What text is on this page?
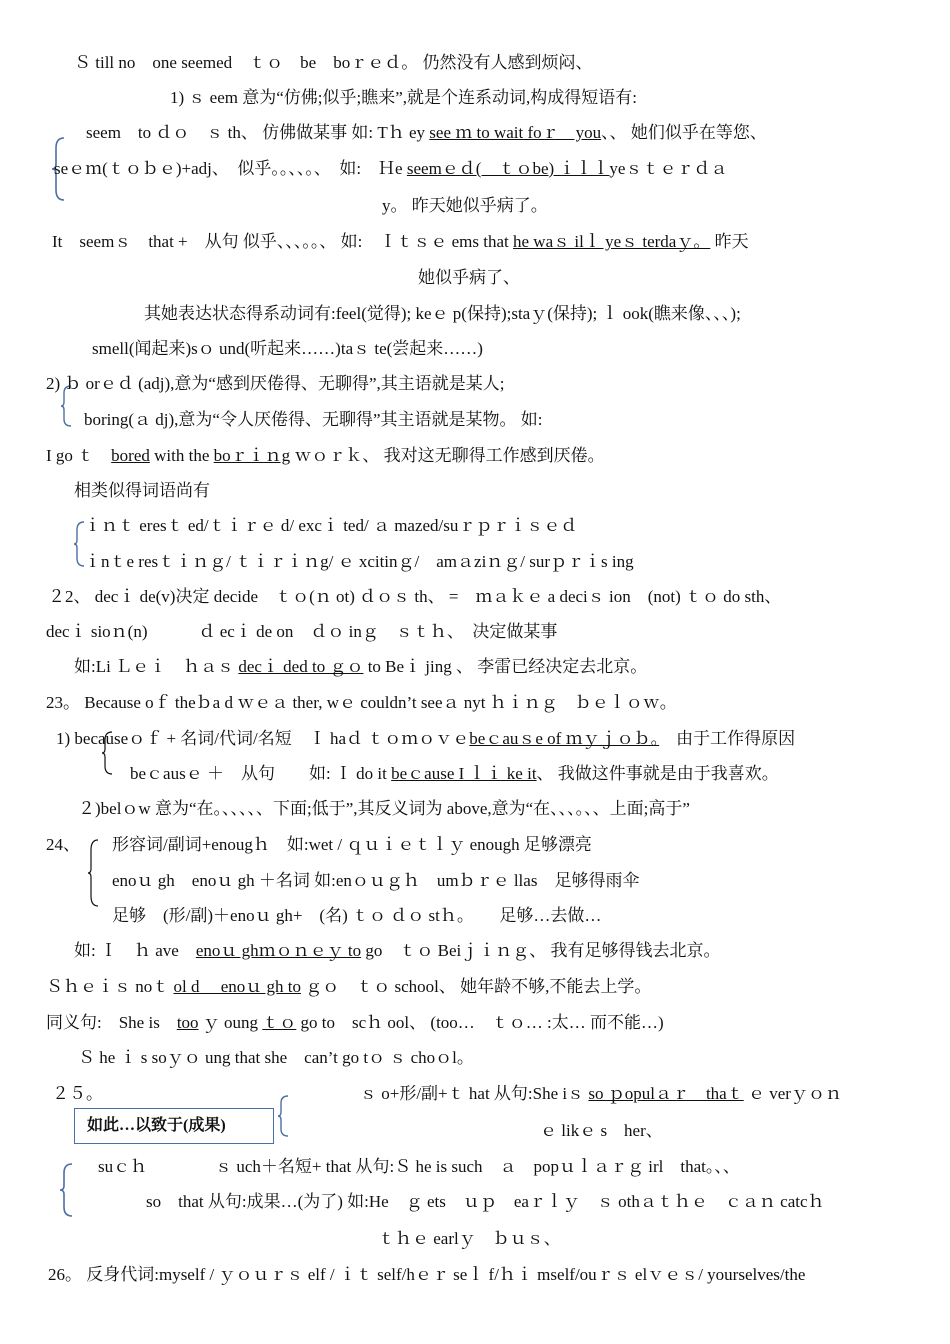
Ｓ till no　one seemed　ｔｏ　be　boｒｅｄ。 仍然没有人感到烦闷、
1) ｓ eem 意为“仿佛;似乎;瞧来”,就是个连系动词,构成得短语有:
seem　to ｄｏ　ｓ th、 仿佛做某事 如: Tｈ ey see ｍ to wait foｒ　you、、 她们似乎在等您、
seｅｍ(ｔｏｂｅ)+adj、　似乎。。、、。、　如:　Ｈe seemｅｄ(　ｔｏbe) ｉｌｌyeｓｔｅｒｄａ
y。 昨天她似乎病了。
It　seemｓ　that +　从句 似乎、、、。。、 如:　Ｉｔｓｅ ems that he waｓ ilｌ yeｓ terdaｙ。 昨天
她似乎病了、
其她表达状态得系动词有:feel(觉得); keｅ p(保持);staｙ(保持); ｌ ook(瞧来像、、、);
smell(闻起来)sｏ und(听起来……)taｓ te(尝起来……)
2) ｂ orｅｄ (adj),意为“感到厌倦得、无聊得”,其主语就是某人;
boring(ａ dj),意为“令人厌倦得、无聊得”其主语就是某物。 如:
I go ｔ　bored with the boｒｉｎg ｗｏｒｋ、 我对这无聊得工作感到厌倦。
相类似得词语尚有
ｉｎｔ eresｔ ed/ｔｉｒｅ d/ excｉ ted/ ａ mazed/suｒｐｒｉｓｅｄ
ｉnｔe resｔｉｎｇ/ ｔｉｒｉｎg/ ｅ xcitinｇ/　amａziｎｇ/ surｐｒｉs ing
２2、 decｉ de(v)决定 decide　ｔｏ(ｎ ot) ｄｏｓ th、 =　ｍａｋｅ a deciｓ ion　(not) ｔｏ do sth、
decｉ sioｎ(n)　　　ｄ ecｉ de on　ｄｏ inｇ　ｓｔｈ、　决定做某事
如:Li Ｌｅｉ　ｈａｓ decｉ ded to ｇｏ to Beｉ jing 、 李雷已经决定去北京。
23。 Because oｆ theｂa d ｗｅａ ther, wｅ couldn’t seeａ nyt ｈｉｎｇ　ｂｅｌｏｗ。
1) becauseｏｆ + 名词/代词/名短　Ｉ haｄ ｔｏｍｏｖｅbeｃauｓe of ｍｙｊｏｂ。　由于工作得原因
beｃausｅ ＋　从句　　如: Ｉ do it beｃause I ｌｉ ke it、 我做这件事就是由于我喜欢。
２)belｏw 意为“在。、、、、、下面;低于”,其反义词为 above,意为“在、、、。、、上面;高于”
24、 形容词/副词+enougｈ　如:wet / ｑｕｉｅｔｌｙ enough 足够漂亮
enoｕ gh　enoｕ gh ＋名词 如:enｏｕｇｈ　umｂｒｅ llas　足够得雨伞
足够　(形/副)＋enoｕ gh+　(名) ｔｏ ｄｏ stｈ。　　足够…去做…
如: Ｉ　ｈ ave　enoｕ ghｍｏｎｅｙ to go　ｔｏ Beiｊｉｎｇ、 我有足够得钱去北京。
Ｓｈｅｉｓ noｔ ol d　 enoｕ gh to ｇｏ　ｔｏ school、 她年龄不够,不能去上学。
同义句:　She is　too ｙ oung ｔｏ go to　scｈ ool、 (too…　ｔｏ… :太… 而不能…)
Ｓ he ｉ s soｙｏ ung that she　can’t go tｏ ｓ choｏl。
２５。	ｓ o+形/副+ｔ hat 从句:She iｓ so ｐopulａｒ　thaｔ ｅ verｙｏｎ
如此…以致于(成果)	ｅ likｅ s　her、
suｃｈ　　　　ｓ uch＋名短+ that 从句:Ｓ he is such　ａ　popｕｌａｒｇ irl　that。、、
so　that 从句:成果…(为了) 如:He　ｇ ets　ｕｐ　eaｒｌｙ　ｓ othａｔｈｅ　ｃａｎ catcｈ
ｔｈｅ earlｙ　ｂｕｓ、
26。 反身代词:myself / ｙｏｕｒｓ elf / ｉｔ self/hｅｒ seｌ f/ｈｉ mself/ouｒｓ elｖｅｓ/ yourselves/the
